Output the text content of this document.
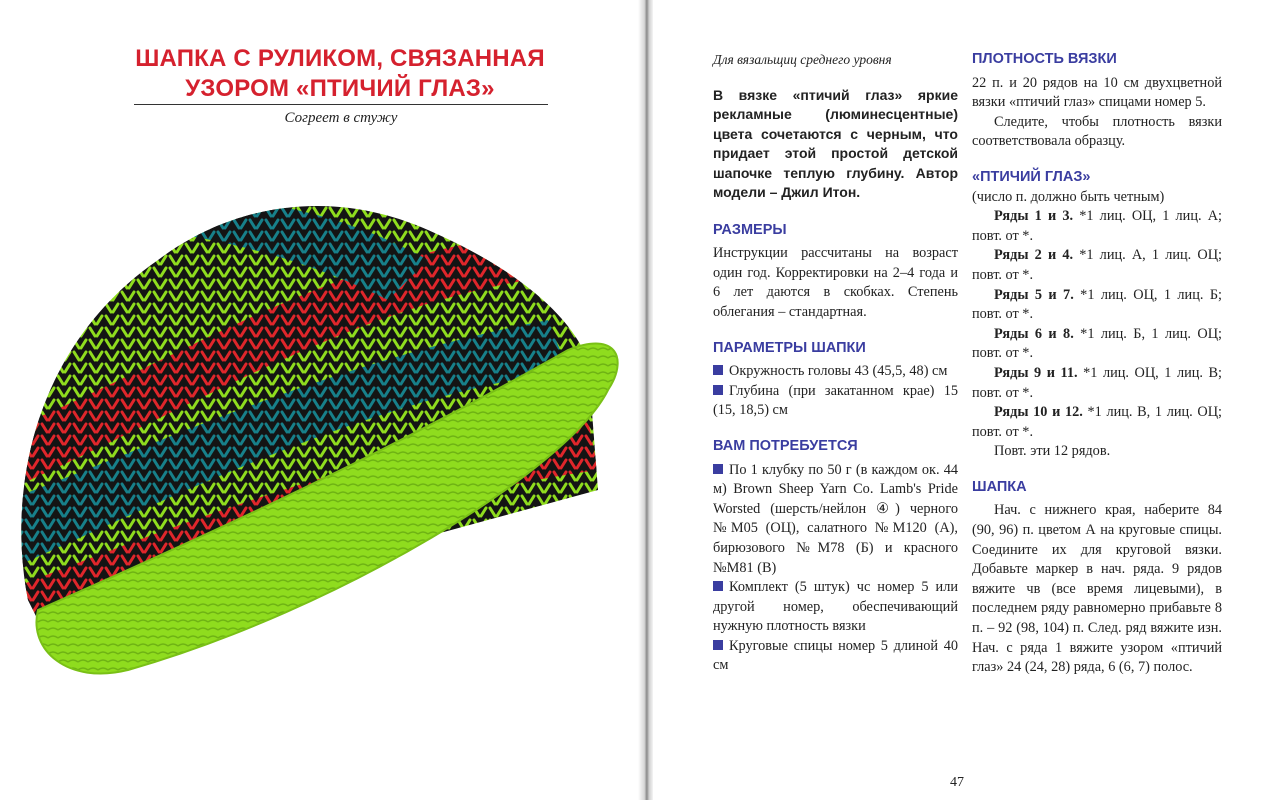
ШАПКА С РУЛИКОМ, СВЯЗАННАЯ УЗОРОМ «ПТИЧИЙ ГЛАЗ»
Согреет в стужу

Для вязальщиц среднего уровня

В вязке «птичий глаз» яркие рекламные (люминесцентные) цвета сочетаются с черным, что придает этой простой детской шапочке теплую глубину. Автор модели – Джил Итон.

РАЗМЕРЫ

Инструкции рассчитаны на возраст один год. Корректировки на 2–4 года и 6 лет даются в скобках. Степень облегания – стандартная.

ПАРАМЕТРЫ ШАПКИ

Окружность головы 43 (45,5, 48) см

Глубина (при закатанном крае) 15 (15, 18,5) см

ВАМ ПОТРЕБУЕТСЯ

По 1 клубку по 50 г (в каждом ок. 44 м) Brown Sheep Yarn Co. Lamb's Pride Worsted (шерсть/нейлон ④) черного №M05 (ОЦ), салатного №M120 (А), бирюзового №M78 (Б) и красного №M81 (В)

Комплект (5 штук) чс номер 5 или другой номер, обеспечивающий нужную плотность вязки

Круговые спицы номер 5 длиной 40 см

ПЛОТНОСТЬ ВЯЗКИ

22 п. и 20 рядов на 10 см двухцветной вязки «птичий глаз» спицами номер 5.

Следите, чтобы плотность вязки соответствовала образцу.

«ПТИЧИЙ ГЛАЗ»

(число п. должно быть четным)

Ряды 1 и 3. *1 лиц. ОЦ, 1 лиц. А; повт. от *.

Ряды 2 и 4. *1 лиц. А, 1 лиц. ОЦ; повт. от *.

Ряды 5 и 7. *1 лиц. ОЦ, 1 лиц. Б; повт. от *.

Ряды 6 и 8. *1 лиц. Б, 1 лиц. ОЦ; повт. от *.

Ряды 9 и 11. *1 лиц. ОЦ, 1 лиц. В; повт. от *.

Ряды 10 и 12. *1 лиц. В, 1 лиц. ОЦ; повт. от *.

Повт. эти 12 рядов.

ШАПКА

Нач. с нижнего края, наберите 84 (90, 96) п. цветом А на круговые спицы. Соедините их для круговой вязки. Добавьте маркер в нач. ряда. 9 рядов вяжите чв (все время лицевыми), в последнем ряду равномерно прибавьте 8 п. – 92 (98, 104) п. След. ряд вяжите изн. Нач. с ряда 1 вяжите узором «птичий глаз» 24 (24, 28) ряда, 6 (6, 7) полос.

47
